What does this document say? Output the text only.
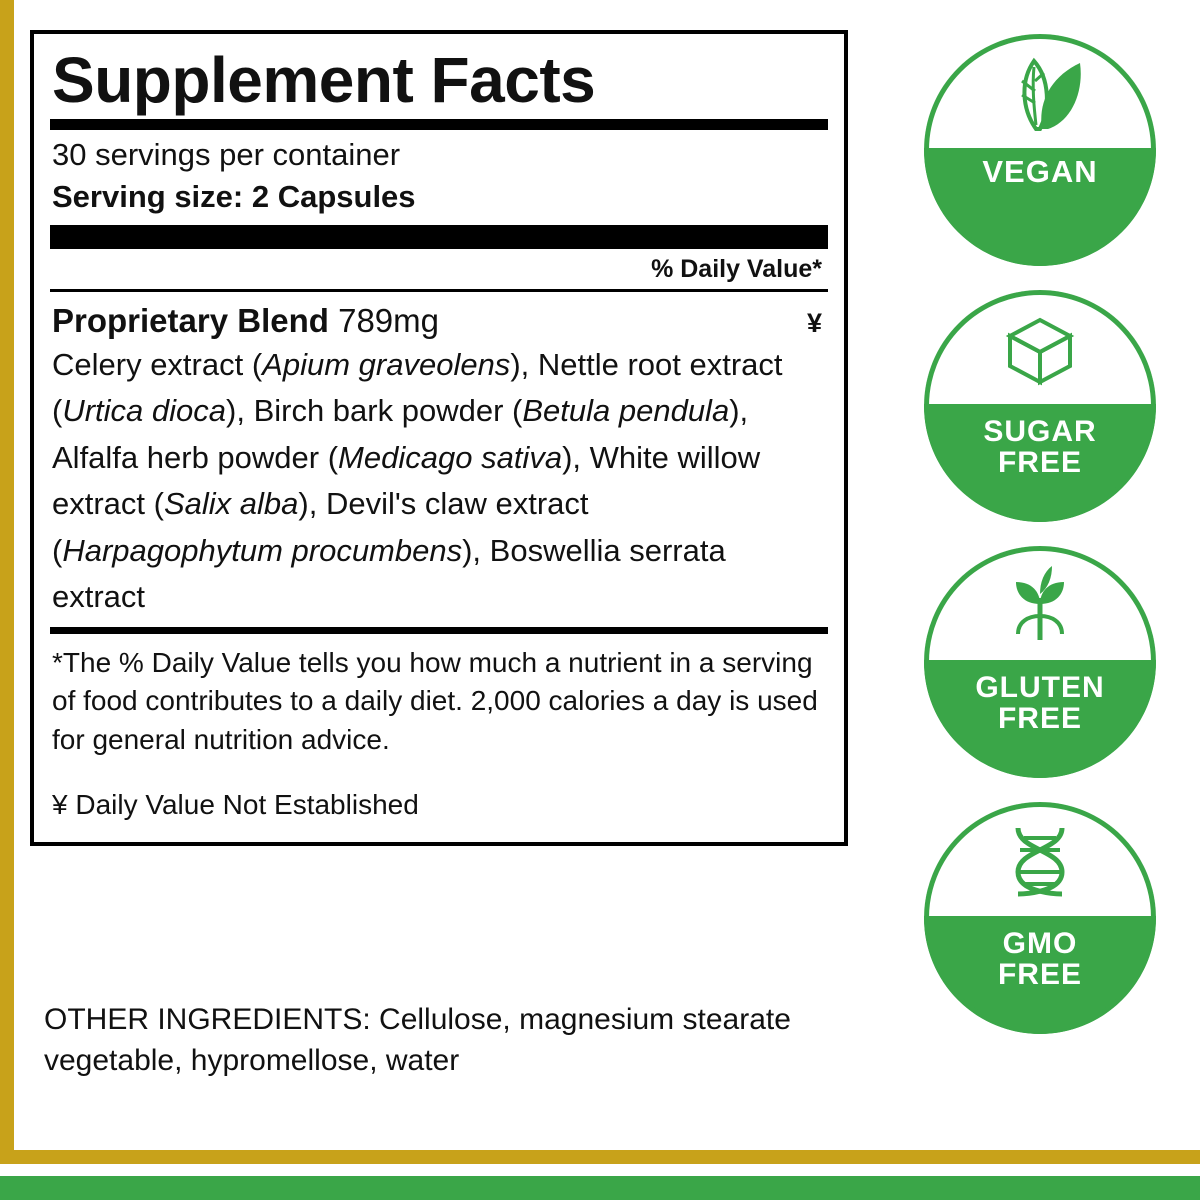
Supplement Facts
30 servings per container
Serving size: 2 Capsules
% Daily Value*
Proprietary Blend 789mg	¥
Celery extract (Apium graveolens), Nettle root extract (Urtica dioca), Birch bark powder (Betula pendula), Alfalfa herb powder (Medicago sativa), White willow extract (Salix alba), Devil's claw extract (Harpagophytum procumbens), Boswellia serrata extract
*The % Daily Value tells you how much a nutrient in a serving of food contributes to a daily diet. 2,000 calories a day is used for general nutrition advice.
¥ Daily Value Not Established
OTHER INGREDIENTS: Cellulose, magnesium stearate vegetable, hypromellose, water
VEGAN
SUGAR
FREE
GLUTEN
FREE
GMO
FREE
